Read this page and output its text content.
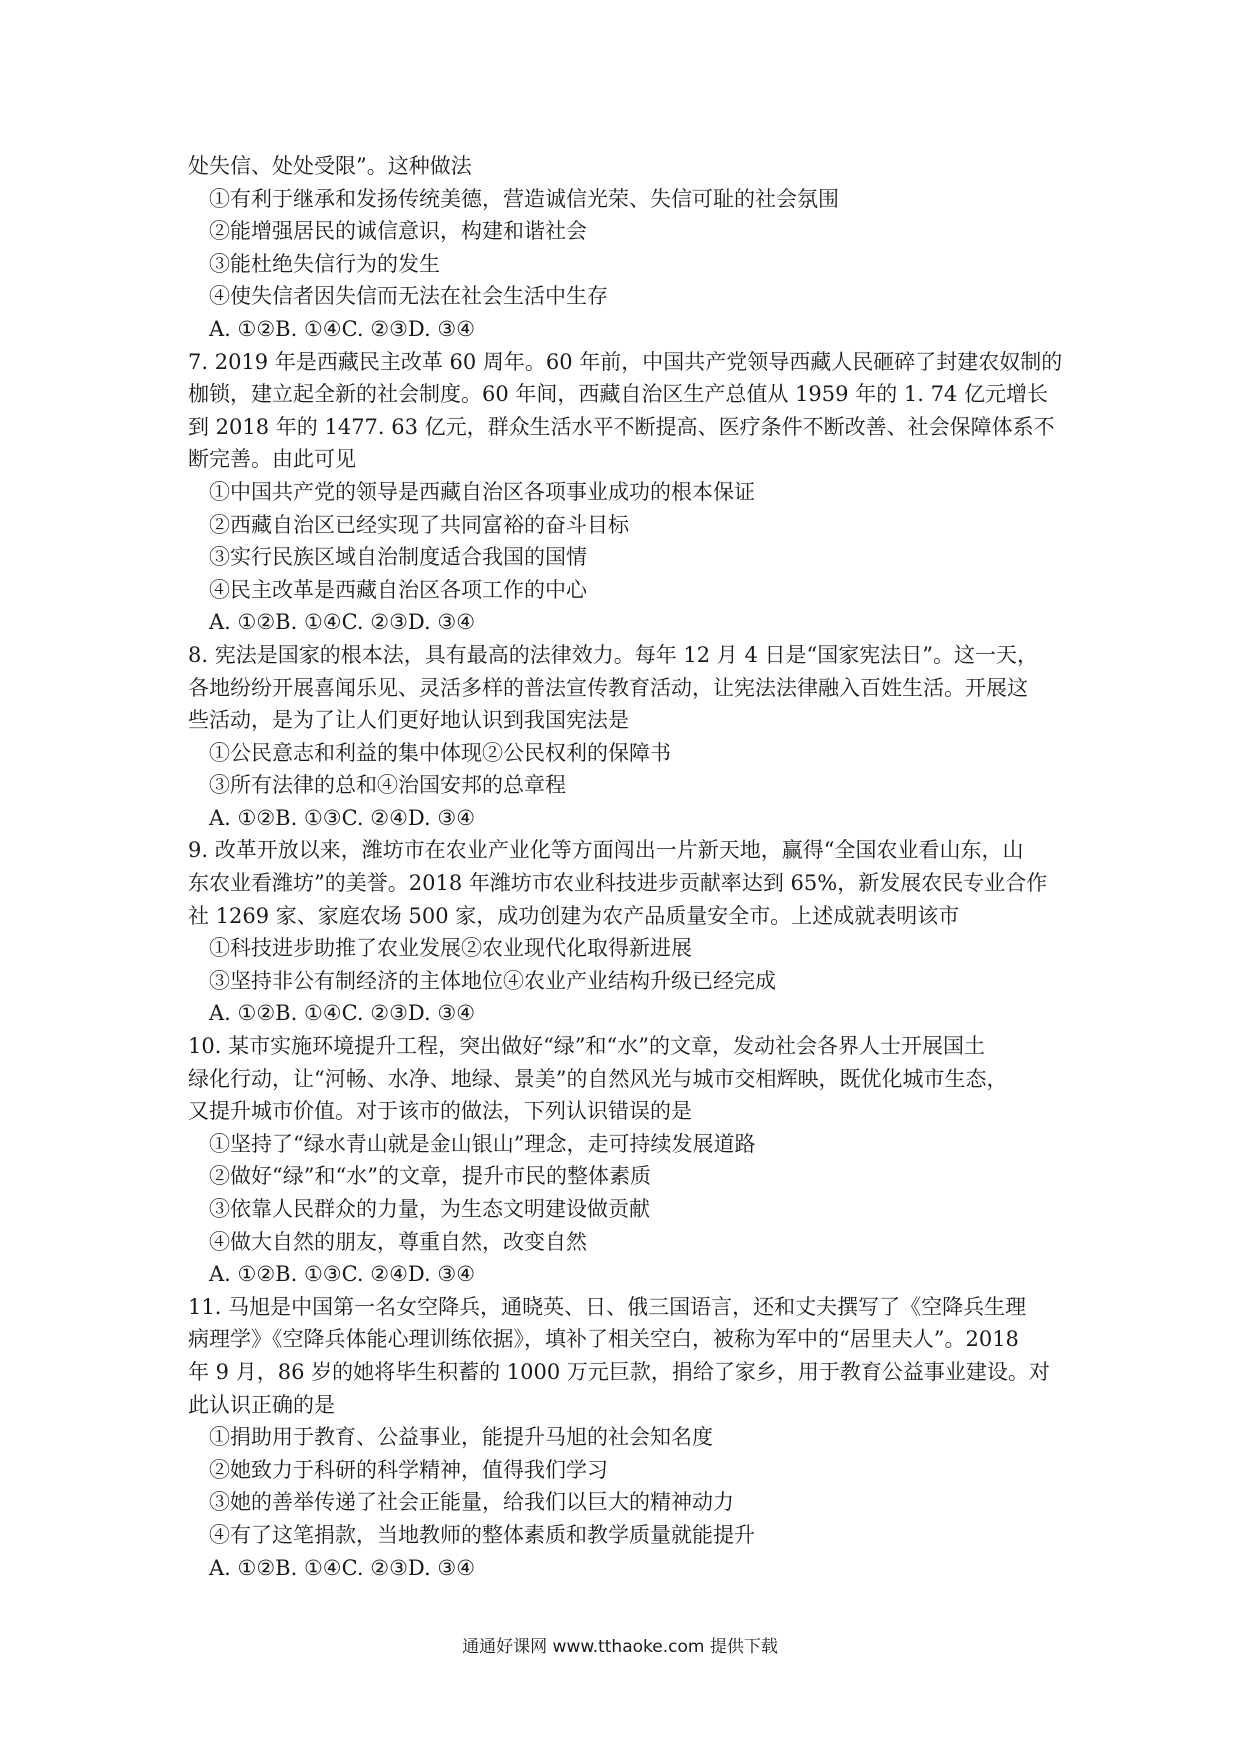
处失信、处处受限”。这种做法
①有利于继承和发扬传统美德，营造诚信光荣、失信可耻的社会氛围
②能增强居民的诚信意识，构建和谐社会
③能杜绝失信行为的发生
④使失信者因失信而无法在社会生活中生存
A. ①②B. ①④C. ②③D. ③④
7. 2019 年是西藏民主改革 60 周年。60 年前，中国共产党领导西藏人民砸碎了封建农奴制的
枷锁，建立起全新的社会制度。60 年间，西藏自治区生产总值从 1959 年的 1. 74 亿元增长
到 2018 年的 1477. 63 亿元，群众生活水平不断提高、医疗条件不断改善、社会保障体系不
断完善。由此可见
①中国共产党的领导是西藏自治区各项事业成功的根本保证
②西藏自治区已经实现了共同富裕的奋斗目标
③实行民族区域自治制度适合我国的国情
④民主改革是西藏自治区各项工作的中心
A. ①②B. ①④C. ②③D. ③④
8. 宪法是国家的根本法，具有最高的法律效力。每年 12 月 4 日是“国家宪法日”。这一天，
各地纷纷开展喜闻乐见、灵活多样的普法宣传教育活动，让宪法法律融入百姓生活。开展这
些活动，是为了让人们更好地认识到我国宪法是
①公民意志和利益的集中体现②公民权利的保障书
③所有法律的总和④治国安邦的总章程
A. ①②B. ①③C. ②④D. ③④
9. 改革开放以来，潍坊市在农业产业化等方面闯出一片新天地，赢得“全国农业看山东，山
东农业看潍坊”的美誉。2018 年潍坊市农业科技进步贡献率达到 65%，新发展农民专业合作
社 1269 家、家庭农场 500 家，成功创建为农产品质量安全市。上述成就表明该市
①科技进步助推了农业发展②农业现代化取得新进展
③坚持非公有制经济的主体地位④农业产业结构升级已经完成
A. ①②B. ①④C. ②③D. ③④
10. 某市实施环境提升工程，突出做好“绿”和“水”的文章，发动社会各界人士开展国土
绿化行动，让“河畅、水净、地绿、景美”的自然风光与城市交相辉映，既优化城市生态，
又提升城市价值。对于该市的做法，下列认识错误的是
①坚持了“绿水青山就是金山银山”理念，走可持续发展道路
②做好“绿”和“水”的文章，提升市民的整体素质
③依靠人民群众的力量，为生态文明建设做贡献
④做大自然的朋友，尊重自然，改变自然
A. ①②B. ①③C. ②④D. ③④
11. 马旭是中国第一名女空降兵，通晓英、日、俄三国语言，还和丈夫撰写了《空降兵生理
病理学》《空降兵体能心理训练依据》，填补了相关空白，被称为军中的“居里夫人”。2018
年 9 月，86 岁的她将毕生积蓄的 1000 万元巨款，捐给了家乡，用于教育公益事业建设。对
此认识正确的是
①捐助用于教育、公益事业，能提升马旭的社会知名度
②她致力于科研的科学精神，值得我们学习
③她的善举传递了社会正能量，给我们以巨大的精神动力
④有了这笔捐款，当地教师的整体素质和教学质量就能提升
A. ①②B. ①④C. ②③D. ③④
通通好课网 www.tthaoke.com 提供下载
